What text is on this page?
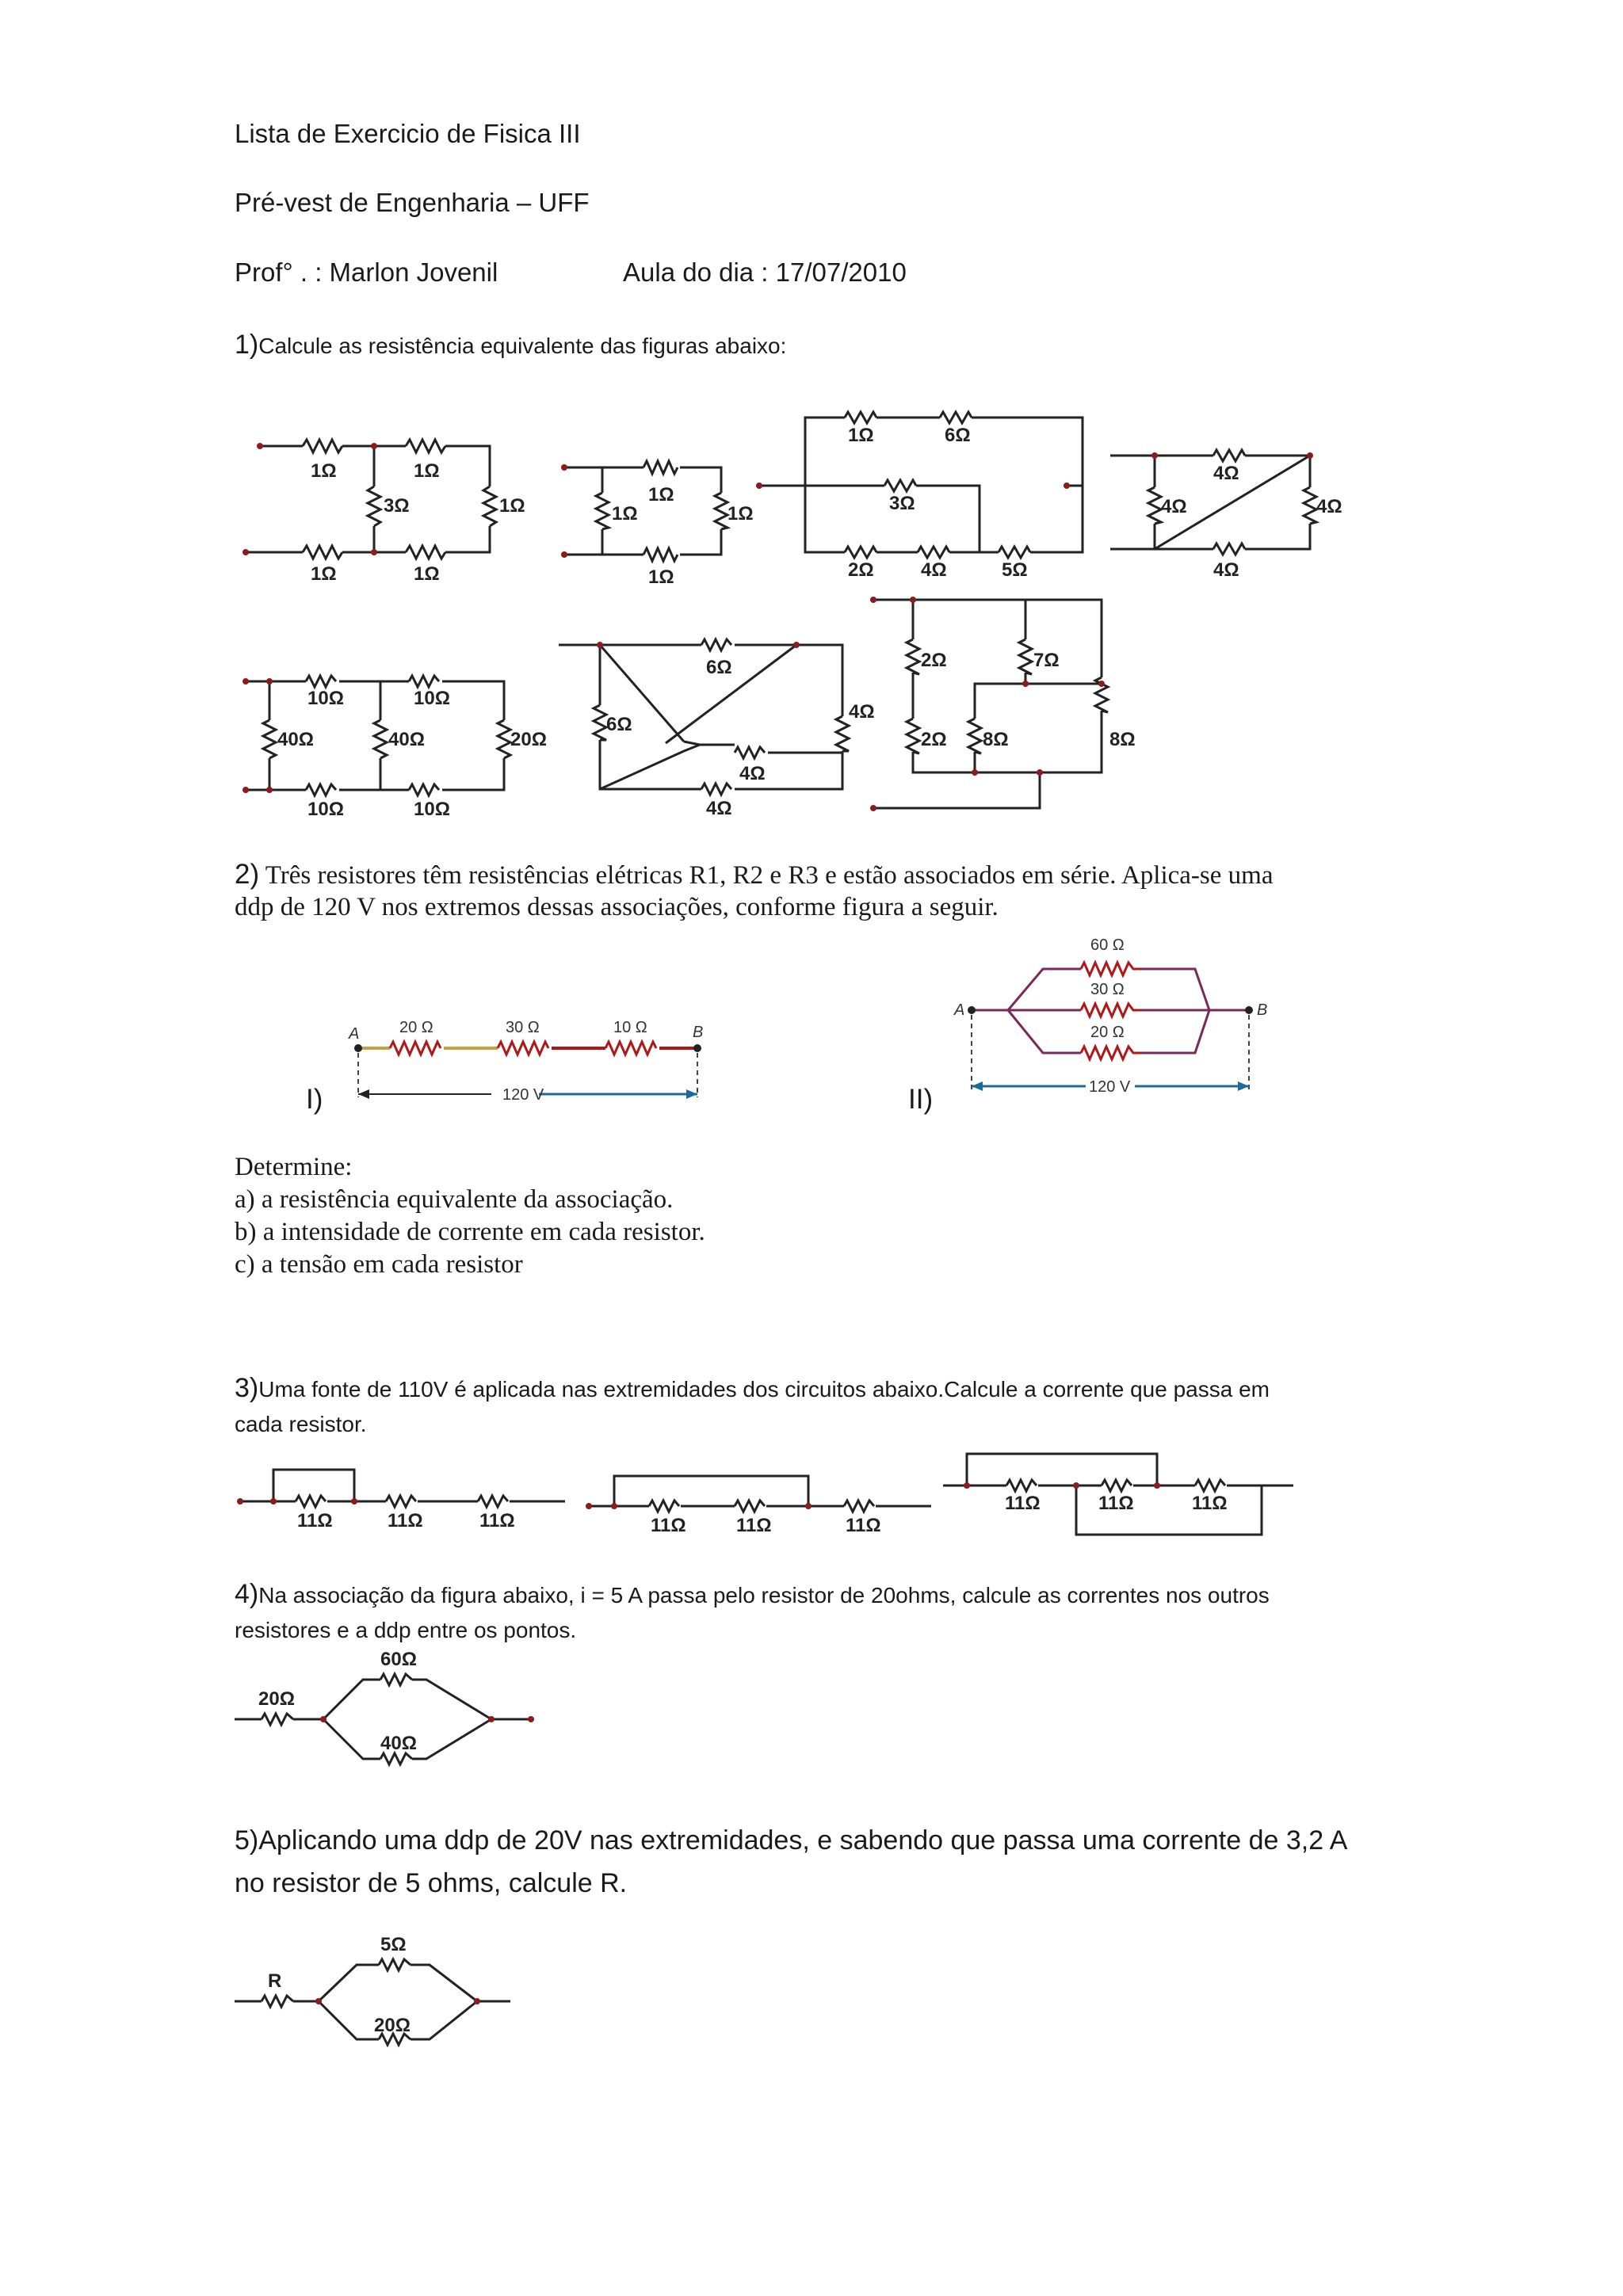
Lista de Exercicio de Fisica III
Pré-vest de Engenharia – UFF
Prof° . : Marlon Jovenil	Aula do dia : 17/07/2010
1)Calcule as resistência equivalente das figuras abaixo:
1Ω	1Ω
3Ω	1Ω
1Ω	1Ω
1Ω
1Ω	1Ω
1Ω
1Ω	6Ω
3Ω
2Ω 4Ω	5Ω
4Ω
4Ω	4Ω
4Ω
10Ω	10Ω
40Ω	40Ω	20Ω
10Ω	10Ω
6Ω
6Ω
4Ω
4Ω
4Ω
2Ω	7Ω
2Ω 8Ω	8Ω
2) Três resistores têm resistências elétricas R1, R2 e R3 e estão associados em série. Aplica-se uma
ddp de 120 V nos extremos dessas associações, conforme figura a seguir.
A	B
20 Ω	30 Ω	10 Ω
120 V
I)
A	B
60 Ω
30 Ω
20 Ω
120 V
II)
Determine:
a) a resistência equivalente da associação.
b) a intensidade de corrente em cada resistor.
c) a tensão em cada resistor
3)Uma fonte de 110V é aplicada nas extremidades dos circuitos abaixo.Calcule a corrente que passa em
cada resistor.
11Ω	11Ω	11Ω	11Ω	11Ω	11Ω
11Ω	11Ω	11Ω
4)Na associação da figura abaixo, i = 5 A passa pelo resistor de 20ohms, calcule as correntes nos outros
resistores e a ddp entre os pontos.
20Ω
60Ω
40Ω
5)Aplicando uma ddp de 20V nas extremidades, e sabendo que passa uma corrente de 3,2 A
no resistor de 5 ohms, calcule R.
R
5Ω
20Ω
